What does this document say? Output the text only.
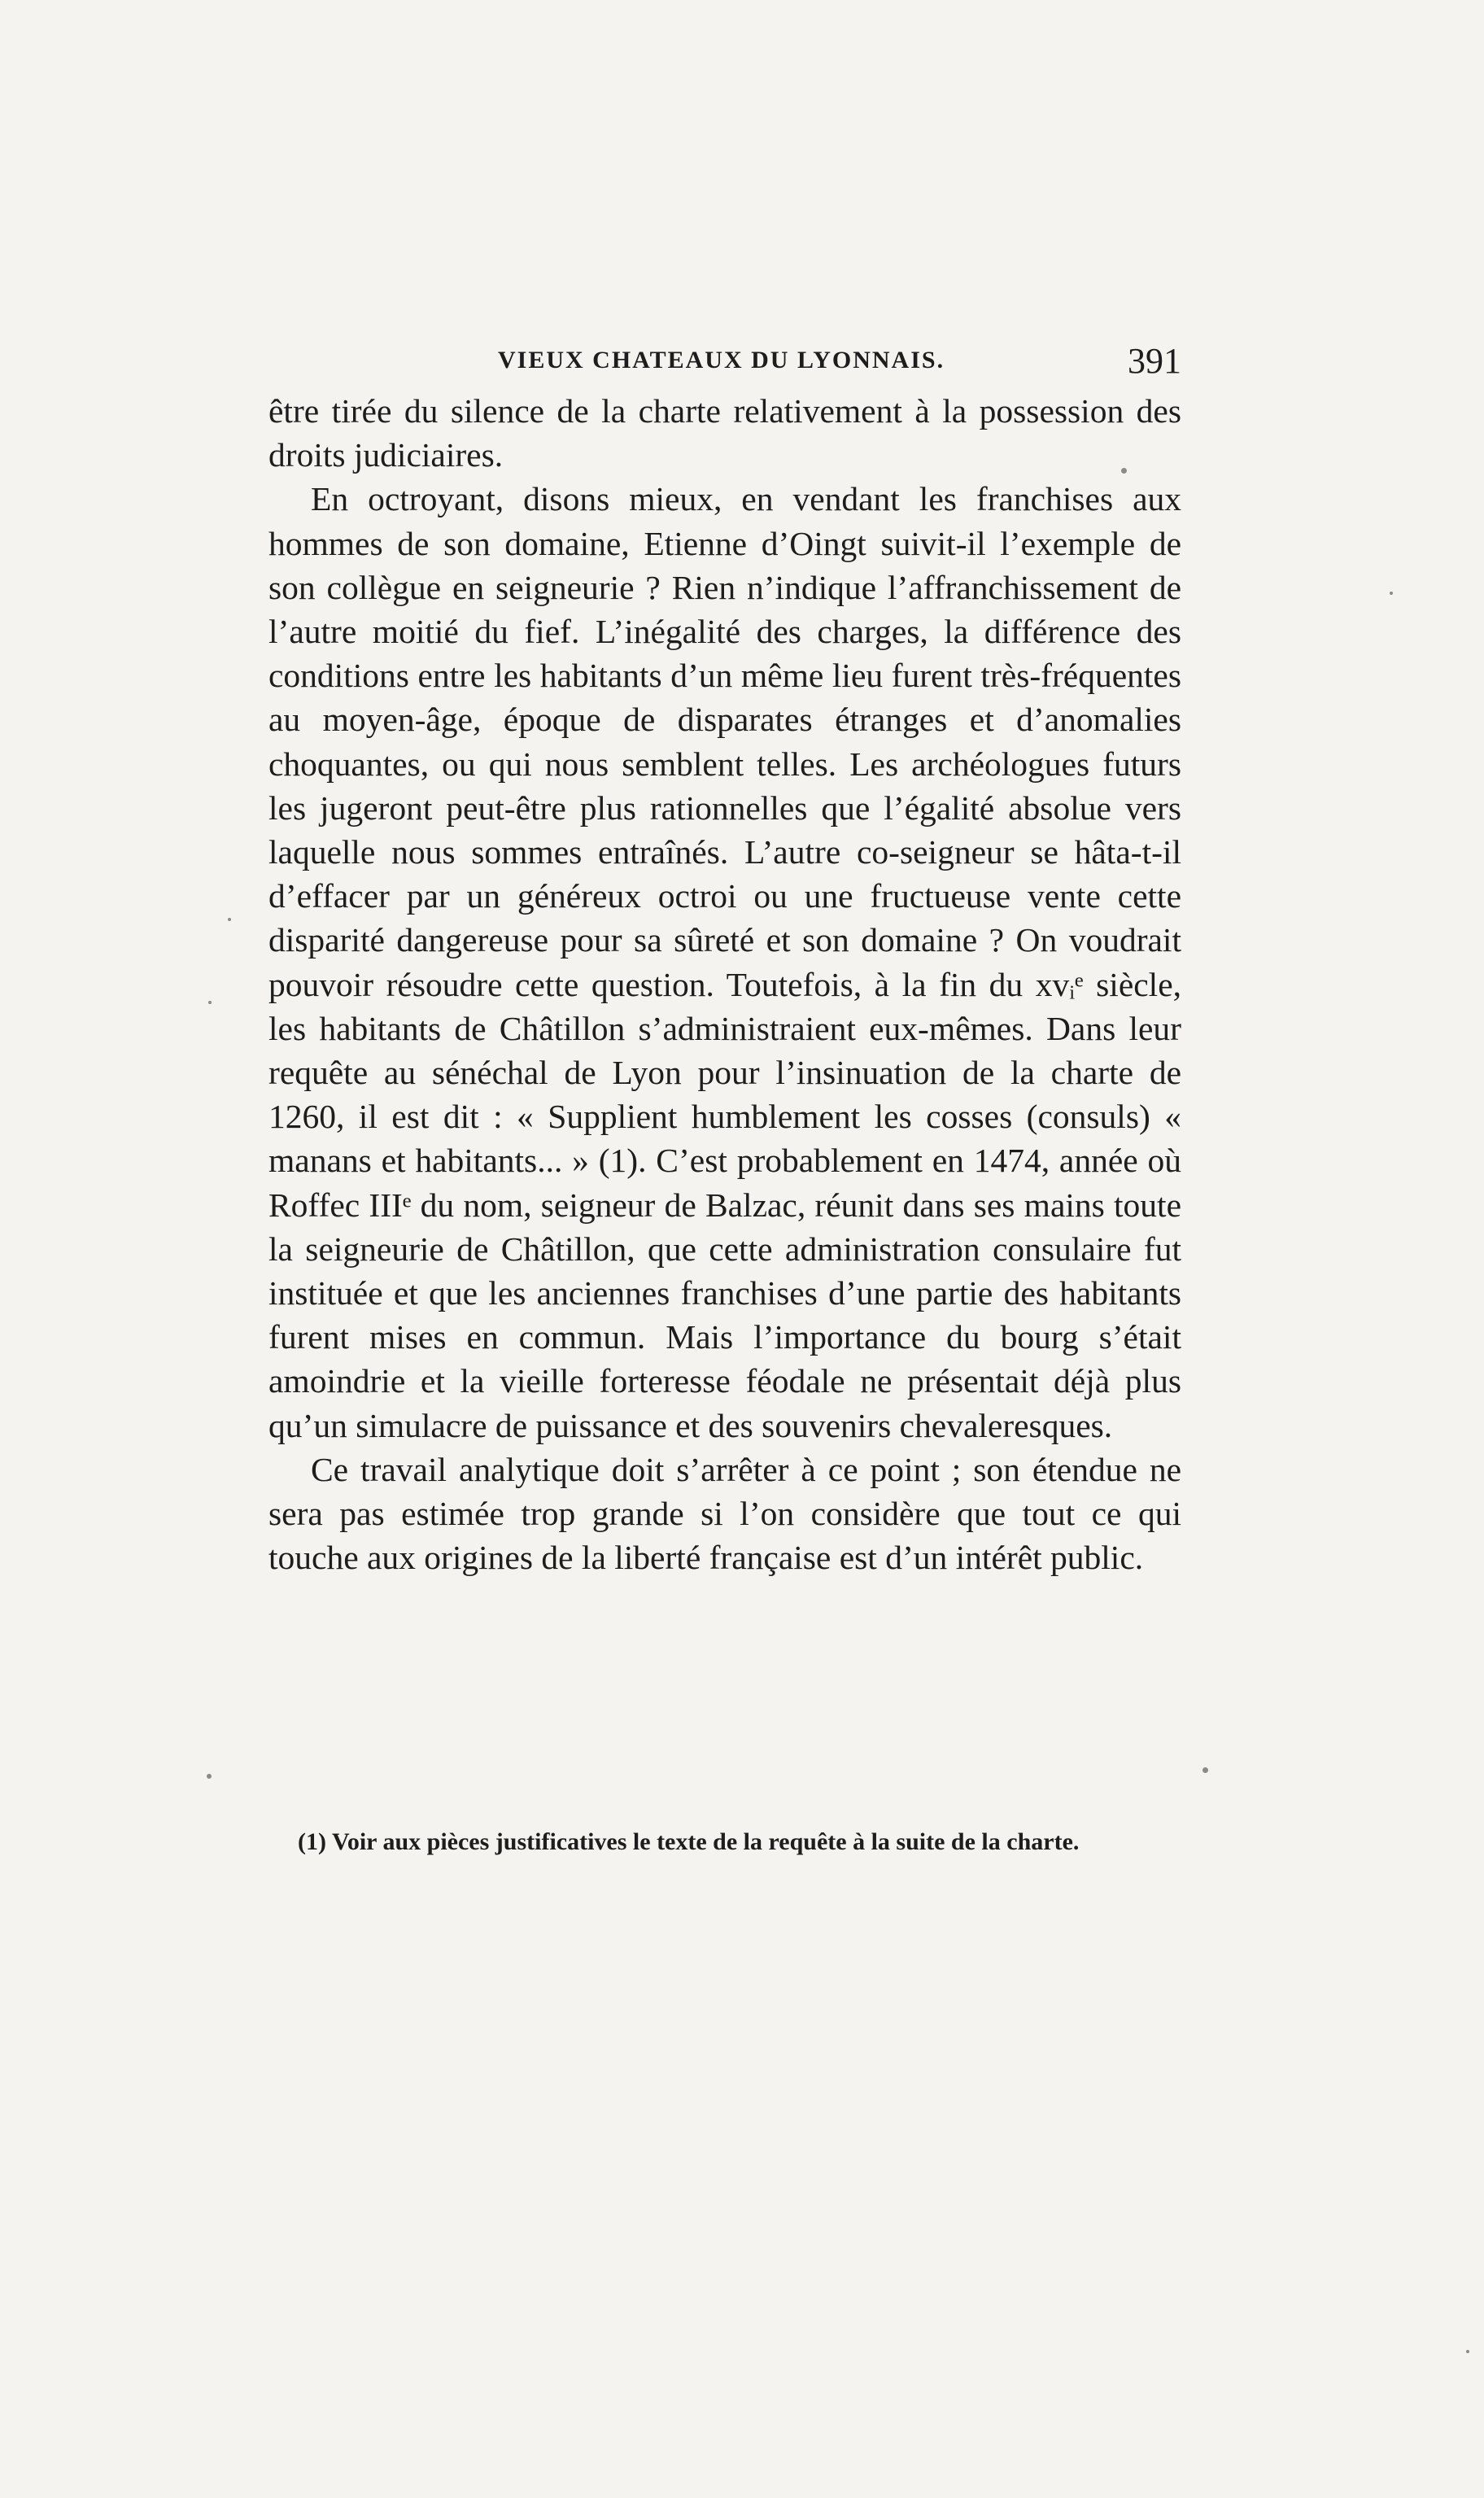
VIEUX CHATEAUX DU LYONNAIS.	391

être tirée du silence de la charte relativement à la possession des droits judiciaires.

En octroyant, disons mieux, en vendant les franchises aux hommes de son domaine, Etienne d’Oingt suivit-il l’exemple de son collègue en seigneurie ? Rien n’indique l’affranchissement de l’autre moitié du fief. L’inégalité des charges, la différence des conditions entre les habitants d’un même lieu furent très-fréquentes au moyen-âge, époque de disparates étranges et d’anomalies choquantes, ou qui nous semblent telles. Les archéologues futurs les jugeront peut-être plus rationnelles que l’égalité absolue vers laquelle nous sommes entraînés. L’autre co-seigneur se hâta-t-il d’effacer par un généreux octroi ou une fructueuse vente cette disparité dangereuse pour sa sûreté et son domaine ? On voudrait pouvoir résoudre cette question. Toutefois, à la fin du xvᵢᵉ siècle, les habitants de Châtillon s’administraient eux-mêmes. Dans leur requête au sénéchal de Lyon pour l’insinuation de la charte de 1260, il est dit : « Supplient humblement les cosses (consuls) « manans et habitants... » (1). C’est probablement en 1474, année où Roffec IIIᵉ du nom, seigneur de Balzac, réunit dans ses mains toute la seigneurie de Châtillon, que cette administration consulaire fut instituée et que les anciennes franchises d’une partie des habitants furent mises en commun. Mais l’importance du bourg s’était amoindrie et la vieille forteresse féodale ne présentait déjà plus qu’un simulacre de puissance et des souvenirs chevaleresques.

Ce travail analytique doit s’arrêter à ce point ; son étendue ne sera pas estimée trop grande si l’on considère que tout ce qui touche aux origines de la liberté française est d’un intérêt public.

(1) Voir aux pièces justificatives le texte de la requête à la suite de la charte.
